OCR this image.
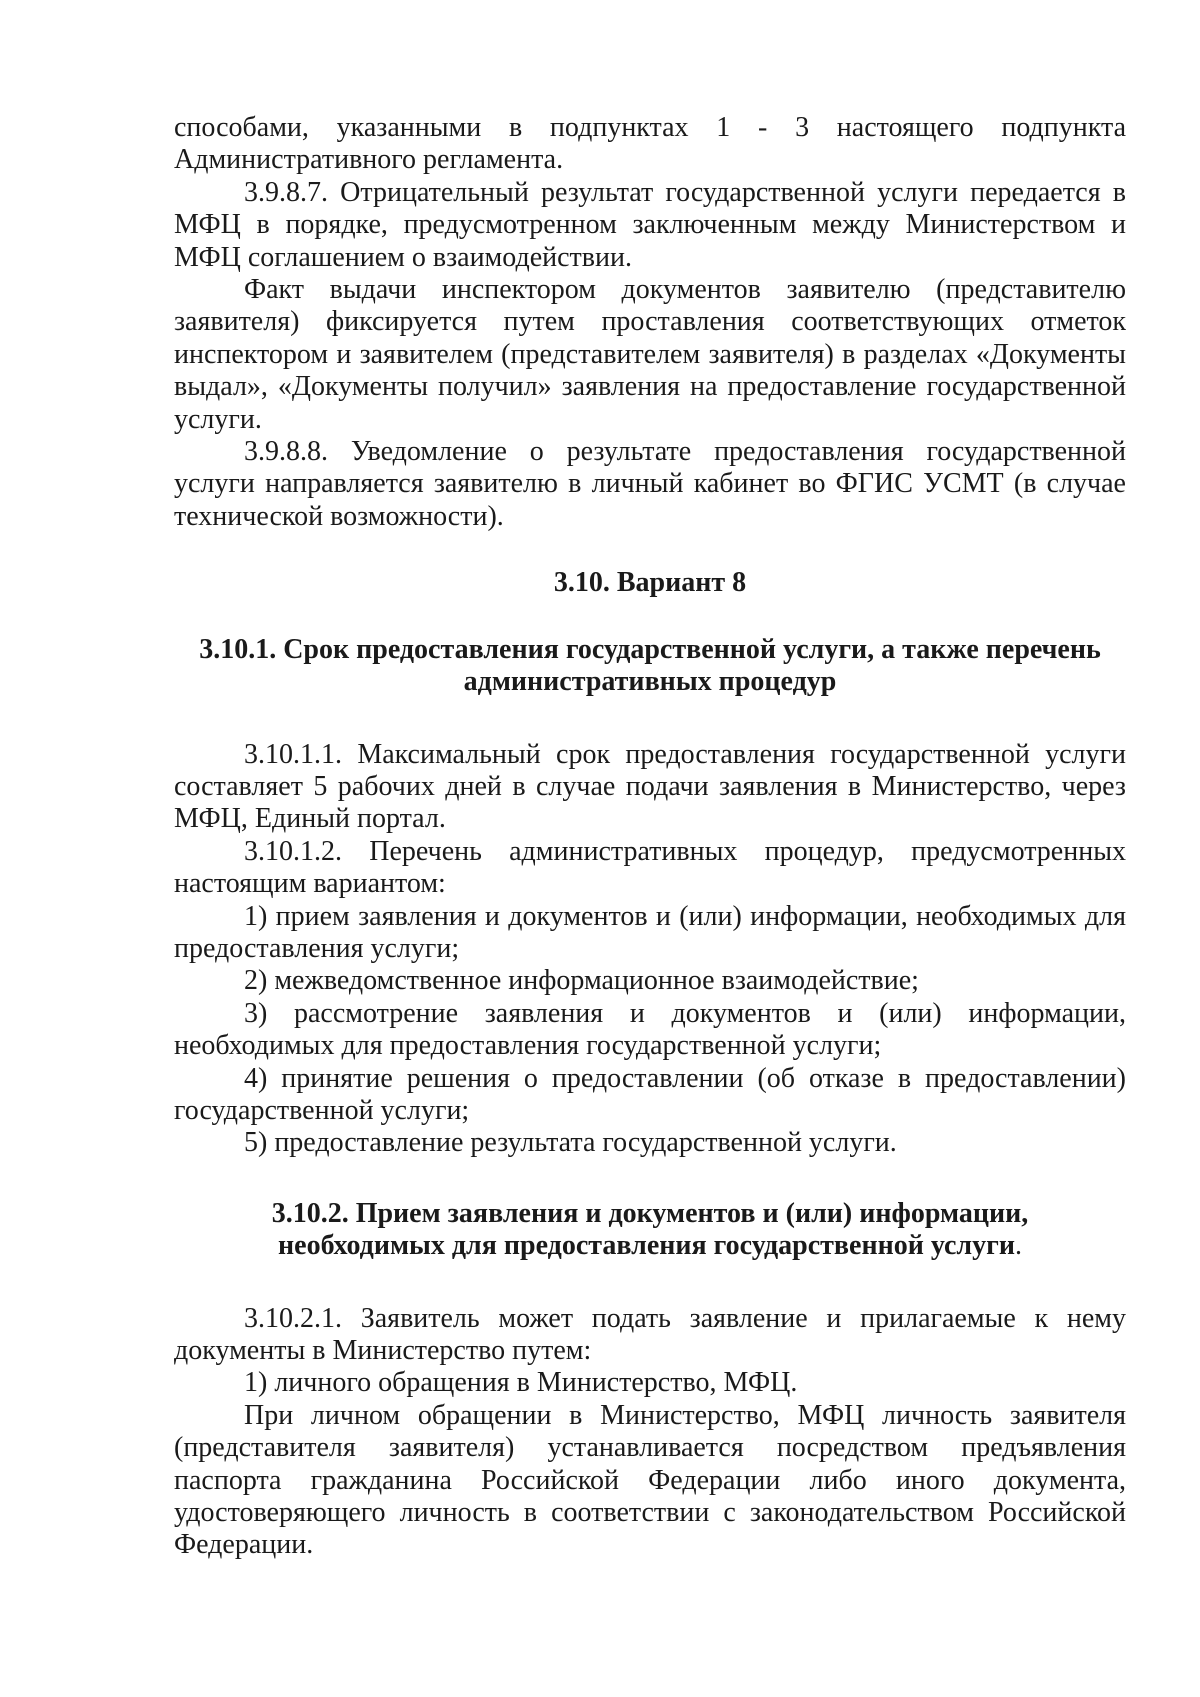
способами, указанными в подпунктах 1 - 3 настоящего подпункта Административного регламента.

3.9.8.7. Отрицательный результат государственной услуги передается в МФЦ в порядке, предусмотренном заключенным между Министерством и МФЦ соглашением о взаимодействии.

Факт выдачи инспектором документов заявителю (представителю заявителя) фиксируется путем проставления соответствующих отметок инспектором и заявителем (представителем заявителя) в разделах «Документы выдал», «Документы получил» заявления на предоставление государственной услуги.

3.9.8.8. Уведомление о результате предоставления государственной услуги направляется заявителю в личный кабинет во ФГИС УСМТ (в случае технической возможности).

3.10. Вариант 8
3.10.1. Срок предоставления государственной услуги, а также перечень
административных процедур

3.10.1.1. Максимальный срок предоставления государственной услуги составляет 5 рабочих дней в случае подачи заявления в Министерство, через МФЦ, Единый портал.

3.10.1.2. Перечень административных процедур, предусмотренных настоящим вариантом:

1) прием заявления и документов и (или) информации, необходимых для предоставления услуги;

2) межведомственное информационное взаимодействие;

3) рассмотрение заявления и документов и (или) информации, необходимых для предоставления государственной услуги;

4) принятие решения о предоставлении (об отказе в предоставлении) государственной услуги;

5) предоставление результата государственной услуги.

3.10.2. Прием заявления и документов и (или) информации,
необходимых для предоставления государственной услуги.

3.10.2.1. Заявитель может подать заявление и прилагаемые к нему документы в Министерство путем:

1) личного обращения в Министерство, МФЦ.

При личном обращении в Министерство, МФЦ личность заявителя (представителя заявителя) устанавливается посредством предъявления паспорта гражданина Российской Федерации либо иного документа, удостоверяющего личность в соответствии с законодательством Российской Федерации.
